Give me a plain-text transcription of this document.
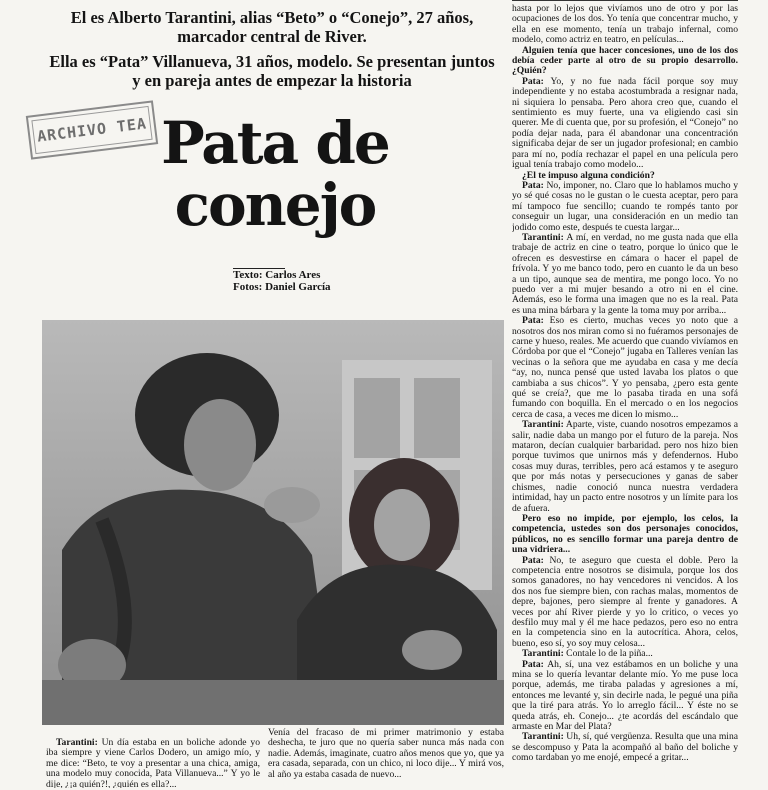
El es Alberto Tarantini, alias “Beto” o “Conejo”, 27 años, marcador central de River.

Ella es “Pata” Villanueva, 31 años, modelo. Se presentan juntos y en pareja antes de empezar la historia

ARCHIVO TEA Pata de
conejo
Texto: Carlos Ares
Fotos: Daniel García

hasta por lo lejos que vivíamos uno de otro y por las ocupaciones de los dos. Yo tenía que concentrar mucho, y ella en ese momento, tenía un trabajo infernal, como modelo, como actriz en teatro, en películas...

Alguien tenía que hacer concesiones, uno de los dos debía ceder parte al otro de su propio desarrollo. ¿Quién?

Pata: Yo, y no fue nada fácil porque soy muy independiente y no estaba acostumbrada a resignar nada, ni siquiera lo pensaba. Pero ahora creo que, cuando el sentimiento es muy fuerte, una va eligiendo casi sin querer. Me di cuenta que, por su profesión, el “Conejo” no podía dejar nada, para él abandonar una concentración significaba dejar de ser un jugador profesional; en cambio para mí no, podía rechazar el papel en una película pero igual tenía trabajo como modelo...

¿El te impuso alguna condición?

Pata: No, imponer, no. Claro que lo hablamos mucho y yo sé qué cosas no le gustan o le cuesta aceptar, pero para mí tampoco fue sencillo; cuando te rompés tanto por conseguir un lugar, una consideración en un medio tan jodido como este, después te cuesta largar...

Tarantini: A mí, en verdad, no me gusta nada que ella trabaje de actriz en cine o teatro, porque lo único que le ofrecen es desvestirse en cámara o hacer el papel de frívola. Y yo me banco todo, pero en cuanto le da un beso a un tipo, aunque sea de mentira, me pongo loco. Yo no puedo ver a mi mujer besando a otro ni en el cine. Además, eso le forma una imagen que no es la real. Pata es una mina bárbara y la gente la toma muy por arriba...

Pata: Eso es cierto, muchas veces yo noto que a nosotros dos nos miran como si no fuéramos personajes de carne y hueso, reales. Me acuerdo que cuando vivíamos en Córdoba por que el “Conejo” jugaba en Talleres venían las vecinas o la señora que me ayudaba en casa y me decía “ay, no, nunca pensé que usted lavaba los platos o que cambiaba a sus chicos”. Y yo pensaba, ¿pero esta gente qué se creía?, que me lo pasaba tirada en una sofá fumando con boquilla. En el mercado o en los negocios cerca de casa, a veces me dicen lo mismo...

Tarantini: Aparte, viste, cuando nosotros empezamos a salir, nadie daba un mango por el futuro de la pareja. Nos mataron, decían cualquier barbaridad. pero nos hizo bien porque tuvimos que unirnos más y defendernos. Hubo cosas muy duras, terribles, pero acá estamos y te aseguro que por más notas y persecuciones y ganas de saber chismes, nadie conoció nunca nuestra verdadera intimidad, hay un pacto entre nosotros y un límite para los de afuera.

Pero eso no impide, por ejemplo, los celos, la competencia, ustedes son dos personajes conocidos, públicos, no es sencillo formar una pareja dentro de una vidriera...

Pata: No, te aseguro que cuesta el doble. Pero la competencia entre nosotros se disimula, porque los dos somos ganadores, no hay vencedores ni vencidos. A los dos nos fue siempre bien, con rachas malas, momentos de depre, bajones, pero siempre al frente y ganadores. A veces por ahí River pierde y yo lo critico, o veces yo desfilo muy mal y él me hace pedazos, pero eso no entra en la competencia sino en la autocrítica. Ahora, celos, bueno, eso sí, yo soy muy celosa...

Tarantini: Contale lo de la piña...

Pata: Ah, sí, una vez estábamos en un boliche y una mina se lo quería levantar delante mío. Yo me puse loca porque, además, me tiraba paladas y agresiones a mí, entonces me levanté y, sin decirle nada, le pegué una piña que la tiré para atrás. Yo lo arreglo fácil... Y éste no se queda atrás, eh. Conejo... ¿te acordás del escándalo que armaste en Mar del Plata?

Tarantini: Uh, sí, qué vergüenza. Resulta que una mina se descompuso y Pata la acompañó al baño del boliche y como tardaban yo me enojé, empecé a gritar...

Tarantini: Un día estaba en un boliche adonde yo iba siempre y viene Carlos Dodero, un amigo mío, y me dice: “Beto, te voy a presentar a una chica, amiga, una modelo muy conocida, Pata Villanueva...” Y yo le dije, ¿¡a quién?!, ¿quién es ella?...

Venía del fracaso de mi primer matrimonio y estaba deshecha, te juro que no quería saber nunca más nada con nadie. Además, imaginate, cuatro años menos que yo, que ya era casada, separada, con un chico, ni loco dije... Y mirá vos, al año ya estaba casada de nuevo...
